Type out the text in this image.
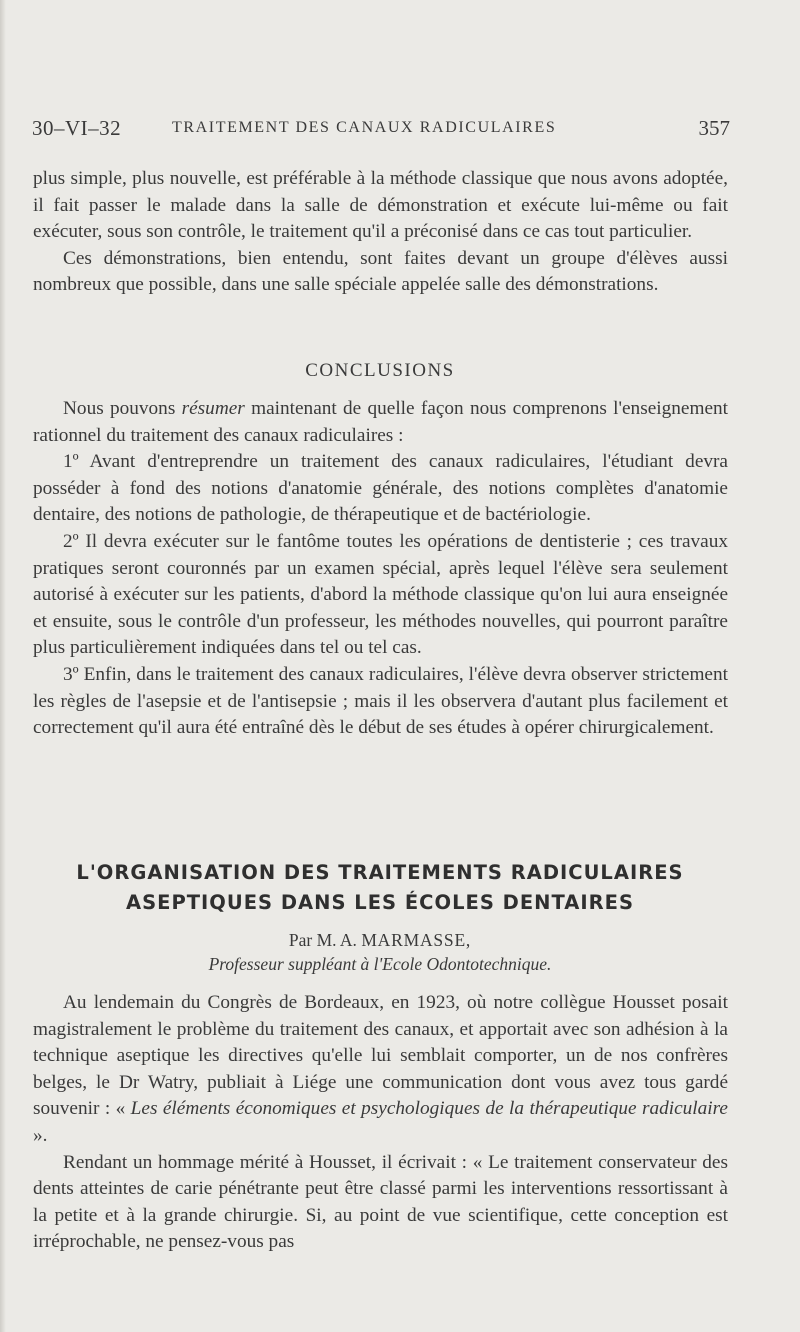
30–VI–32	TRAITEMENT DES CANAUX RADICULAIRES	357

plus simple, plus nouvelle, est préférable à la méthode classique que nous avons adoptée, il fait passer le malade dans la salle de démonstration et exécute lui-même ou fait exécuter, sous son contrôle, le traitement qu'il a préconisé dans ce cas tout particulier.

Ces démonstrations, bien entendu, sont faites devant un groupe d'élèves aussi nombreux que possible, dans une salle spéciale appelée salle des démonstrations.

CONCLUSIONS

Nous pouvons résumer maintenant de quelle façon nous comprenons l'enseignement rationnel du traitement des canaux radiculaires :

1º Avant d'entreprendre un traitement des canaux radiculaires, l'étudiant devra posséder à fond des notions d'anatomie générale, des notions complètes d'anatomie dentaire, des notions de pathologie, de thérapeutique et de bactériologie.

2º Il devra exécuter sur le fantôme toutes les opérations de dentisterie ; ces travaux pratiques seront couronnés par un examen spécial, après lequel l'élève sera seulement autorisé à exécuter sur les patients, d'abord la méthode classique qu'on lui aura enseignée et ensuite, sous le contrôle d'un professeur, les méthodes nouvelles, qui pourront paraître plus particulièrement indiquées dans tel ou tel cas.

3º Enfin, dans le traitement des canaux radiculaires, l'élève devra observer strictement les règles de l'asepsie et de l'antisepsie ; mais il les observera d'autant plus facilement et correctement qu'il aura été entraîné dès le début de ses études à opérer chirurgicalement.

L'ORGANISATION DES TRAITEMENTS RADICULAIRES
ASEPTIQUES DANS LES ÉCOLES DENTAIRES
Par M. A. MARMASSE,
Professeur suppléant à l'Ecole Odontotechnique.

Au lendemain du Congrès de Bordeaux, en 1923, où notre collègue Housset posait magistralement le problème du traitement des canaux, et apportait avec son adhésion à la technique aseptique les directives qu'elle lui semblait comporter, un de nos confrères belges, le Dr Watry, publiait à Liége une communication dont vous avez tous gardé souvenir : « Les éléments économiques et psychologiques de la thérapeutique radiculaire ».

Rendant un hommage mérité à Housset, il écrivait : « Le traitement conservateur des dents atteintes de carie pénétrante peut être classé parmi les interventions ressortissant à la petite et à la grande chirurgie. Si, au point de vue scientifique, cette conception est irréprochable, ne pensez-vous pas
